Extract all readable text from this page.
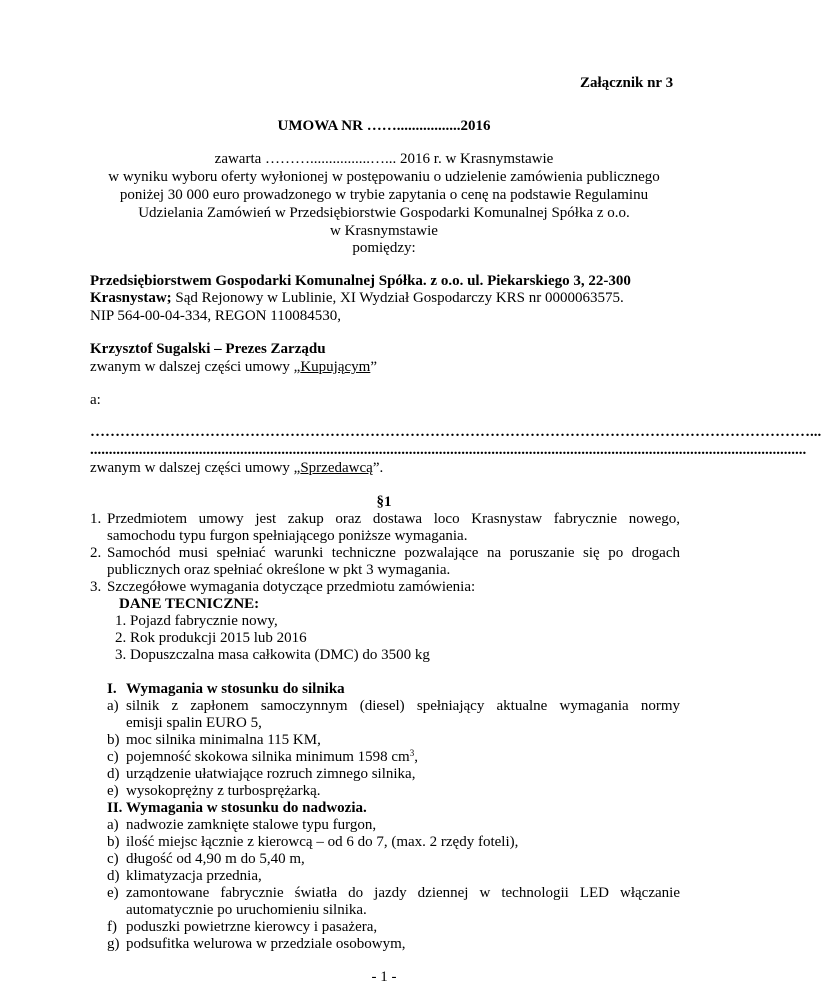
Załącznik nr 3
UMOWA NR …….................2016
zawarta ………................…... 2016 r. w Krasnymstawie
w wyniku wyboru oferty wyłonionej w postępowaniu o udzielenie zamówienia publicznego
poniżej 30 000 euro prowadzonego w trybie zapytania o cenę na podstawie Regulaminu
Udzielania Zamówień w Przedsiębiorstwie Gospodarki Komunalnej Spółka z o.o.
w Krasnymstawie
pomiędzy:
Przedsiębiorstwem Gospodarki Komunalnej Spółka. z o.o. ul. Piekarskiego 3, 22-300
Krasnystaw; Sąd Rejonowy w Lublinie, XI Wydział Gospodarczy KRS nr 0000063575.
NIP 564-00-04-334, REGON 110084530,
Krzysztof Sugalski – Prezes Zarządu
zwanym w dalszej części umowy „Kupującym”
a:
………………………………………………………………………………………………………………………………...
...............................................................................................................................................................................................
zwanym w dalszej części umowy „Sprzedawcą”.
§1
1. Przedmiotem umowy jest zakup oraz dostawa loco Krasnystaw fabrycznie nowego,
samochodu typu furgon spełniającego poniższe wymagania.
2. Samochód musi spełniać warunki techniczne pozwalające na poruszanie się po drogach
publicznych oraz spełniać określone w pkt 3 wymagania.
3. Szczegółowe wymagania dotyczące przedmiotu zamówienia:
DANE TECNICZNE:
1. Pojazd fabrycznie nowy,
2. Rok produkcji 2015 lub 2016
3. Dopuszczalna masa całkowita (DMC) do 3500 kg
I. Wymagania w stosunku do silnika
a) silnik z zapłonem samoczynnym (diesel) spełniający aktualne wymagania normy
emisji spalin EURO 5,
b) moc silnika minimalna 115 KM,
c) pojemność skokowa silnika minimum 1598 $cm^3$,
d) urządzenie ułatwiające rozruch zimnego silnika,
e) wysokoprężny z turbosprężarką.
II. Wymagania w stosunku do nadwozia.
a) nadwozie zamknięte stalowe typu furgon,
b) ilość miejsc łącznie z kierowcą – od 6 do 7, (max. 2 rzędy foteli),
c) długość od 4,90 m do 5,40 m,
d) klimatyzacja przednia,
e) zamontowane fabrycznie światła do jazdy dziennej w technologii LED włączanie
automatycznie po uruchomieniu silnika.
f) poduszki powietrzne kierowcy i pasażera,
g) podsufitka welurowa w przedziale osobowym,
- 1 -
